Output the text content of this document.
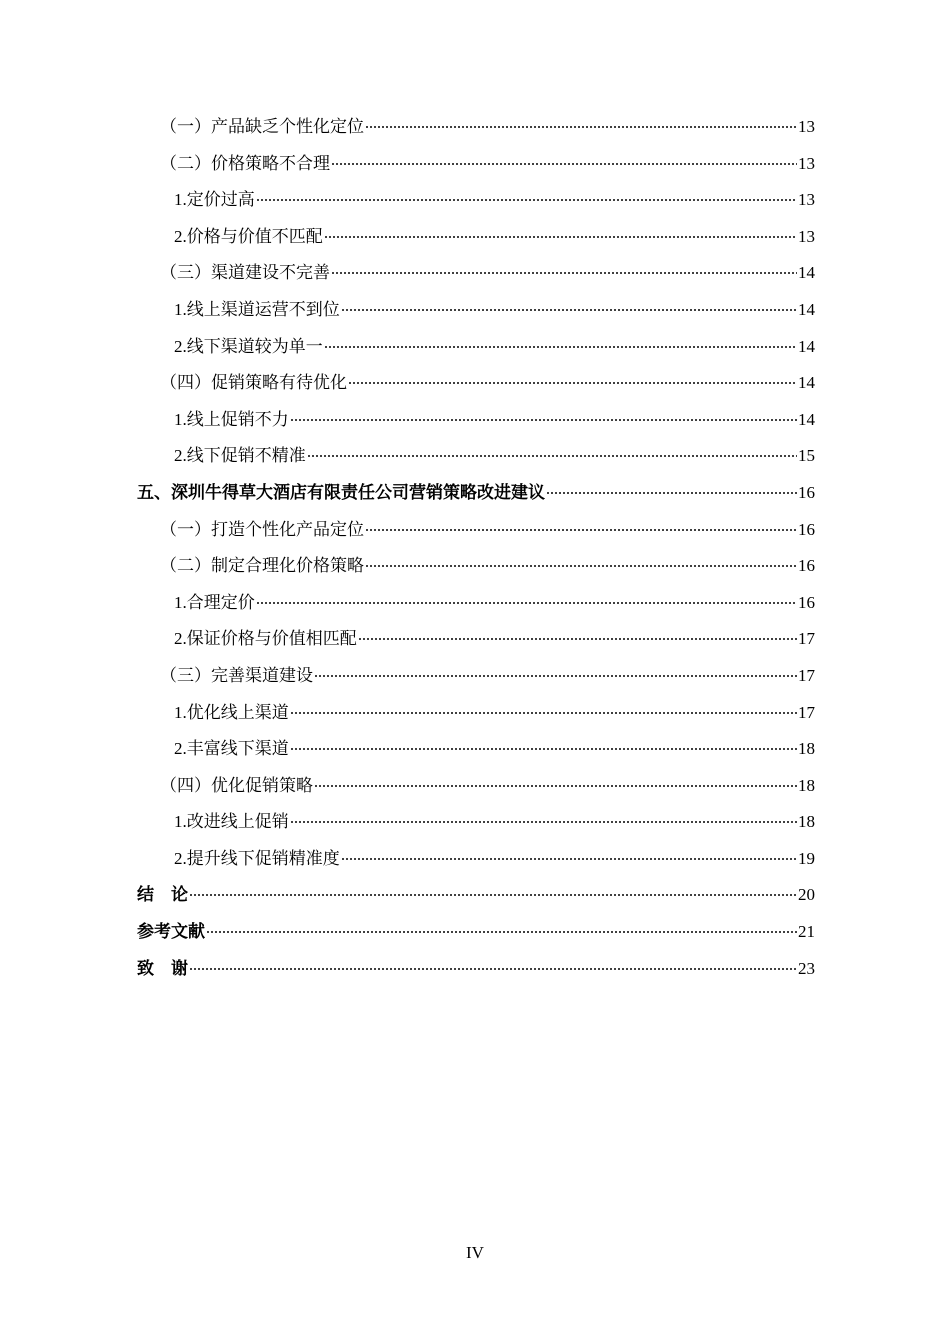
（一）产品缺乏个性化定位	13
（二）价格策略不合理	13
1.定价过高	13
2.价格与价值不匹配	13
（三）渠道建设不完善	14
1.线上渠道运营不到位	14
2.线下渠道较为单一	14
（四）促销策略有待优化	14
1.线上促销不力	14
2.线下促销不精准	15
五、深圳牛得草大酒店有限责任公司营销策略改进建议	16
（一）打造个性化产品定位	16
（二）制定合理化价格策略	16
1.合理定价	16
2.保证价格与价值相匹配	17
（三）完善渠道建设	17
1.优化线上渠道	17
2.丰富线下渠道	18
（四）优化促销策略	18
1.改进线上促销	18
2.提升线下促销精准度	19
结　论	20
参考文献	21
致　谢	23
IV
